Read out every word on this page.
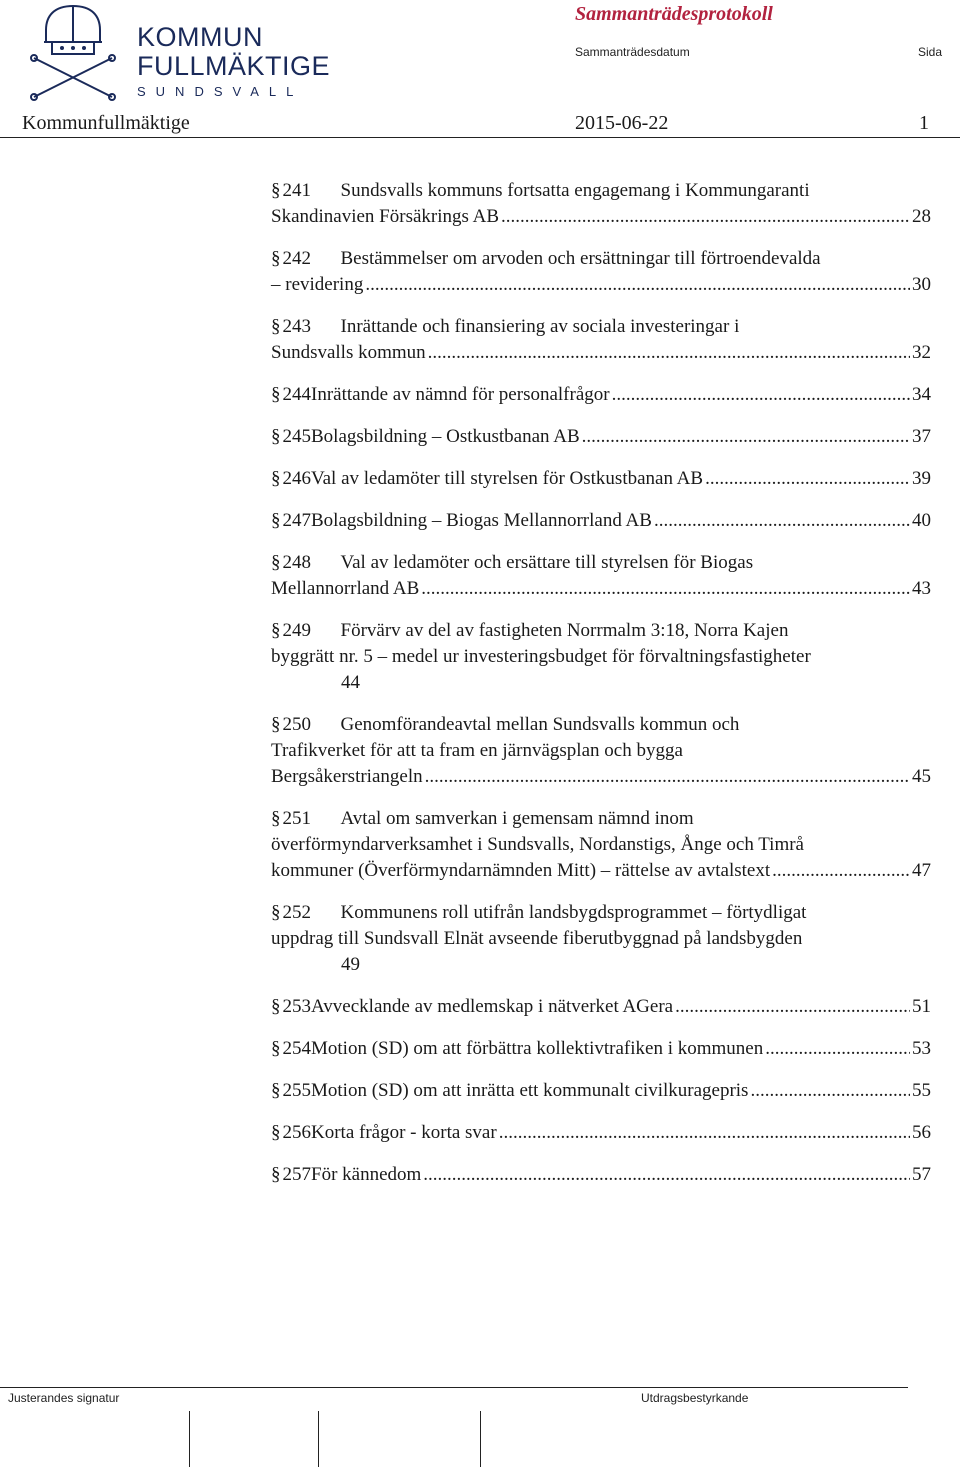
KOMMUN
FULLMÄKTIGE
SUNDSVALL
Sammanträdesprotokoll
Sammanträdesdatum	Sida
Kommunfullmäktige	2015-06-22	1
§ 241 Sundsvalls kommuns fortsatta engagemang i Kommungaranti
Skandinavien Försäkrings AB .....	28
§ 242 Bestämmelser om arvoden och ersättningar till förtroendevalda
– revidering .....	30
§ 243 Inrättande och finansiering av sociala investeringar i
Sundsvalls kommun .....	32
§ 244 Inrättande av nämnd för personalfrågor .....	34
§ 245 Bolagsbildning – Ostkustbanan AB .....	37
§ 246 Val av ledamöter till styrelsen för Ostkustbanan AB .....	39
§ 247 Bolagsbildning – Biogas Mellannorrland AB .....	40
§ 248 Val av ledamöter och ersättare till styrelsen för Biogas
Mellannorrland AB .....	43
§ 249 Förvärv av del av fastigheten Norrmalm 3:18, Norra Kajen
byggrätt nr. 5 – medel ur investeringsbudget för förvaltningsfastigheter
44
§ 250 Genomförandeavtal mellan Sundsvalls kommun och
Trafikverket för att ta fram en järnvägsplan och bygga
Bergsåkerstriangeln .....	45
§ 251 Avtal om samverkan i gemensam nämnd inom
överförmyndarverksamhet i Sundsvalls, Nordanstigs, Ånge och Timrå
kommuner (Överförmyndarnämnden Mitt) – rättelse av avtalstext .....	47
§ 252 Kommunens roll utifrån landsbygdsprogrammet – förtydligat
uppdrag till Sundsvall Elnät avseende fiberutbyggnad på landsbygden
49
§ 253 Avvecklande av medlemskap i nätverket AGera .....	51
§ 254 Motion (SD) om att förbättra kollektivtrafiken i kommunen .....	53
§ 255 Motion (SD) om att inrätta ett kommunalt civilkuragepris .....	55
§ 256 Korta frågor - korta svar .....	56
§ 257 För kännedom .....	57
Justerandes signatur	Utdragsbestyrkande
